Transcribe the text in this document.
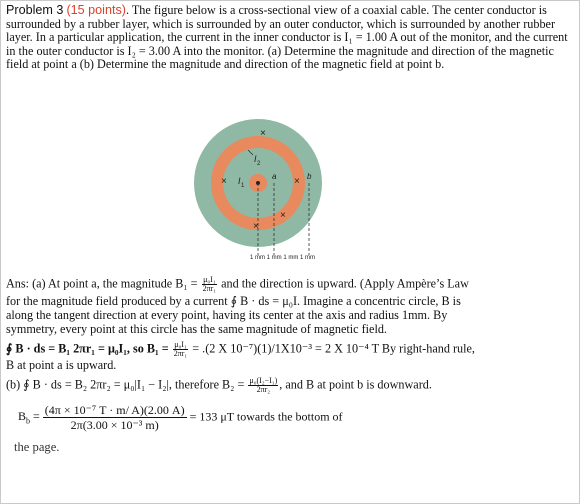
Problem 3 (15 points). The figure below is a cross-sectional view of a coaxial cable. The center conductor is surrounded by a rubber layer, which is surrounded by an outer conductor, which is surrounded by another rubber layer. In a particular application, the current in the inner conductor is I₁ = 1.00 A out of the monitor, and the current in the outer conductor is I₂ = 3.00 A into the monitor. (a) Determine the magnitude and direction of the magnetic field at point a (b) Determine the magnitude and direction of the magnetic field at point b.
×
×	×
×
×
I 1
I 2
a	b
1 mm 1 mm 1 mm 1 mm
Ans: (a) At point a, the magnitude $B_1 = \frac{\text{μ₀I₁}}{\text{2πr₁}}$ and the direction is upward. (Apply Ampère’s Law
for the magnitude field produced by a current ∮ B · ds = μ₀I. Imagine a concentric circle, B is
along the tangent direction at every point, having its center at the axis and radius 1mm. By
symmetry, every point at this circle has the same magnitude of magnetic field.
∮ B · ds = B₁ 2πr₁ = μ₀I₁, so $B_1 = \frac{\text{μ₀I₁}}{\text{2πr₁}} = .(2$ X 10⁻⁷)(1)/1X10⁻³ = 2 X 10⁻⁴ T By right-hand rule,
B at point a is upward.
(b) ∮ B · ds = B₂ 2πr₂ = μ₀|I₁ − I₂|, therefore $B_2 = \frac{\text{μ₀(I₂−I₁)}}{\text{2πr₂}}$ , and B at point b is downward.
$B_b = \frac{\text{(4π × 10⁻⁷ T · m/ A)(2.00 A)}}{\text{2π(3.00 × 10⁻³ m)}} = 133$ μT towards the bottom of
the page.
